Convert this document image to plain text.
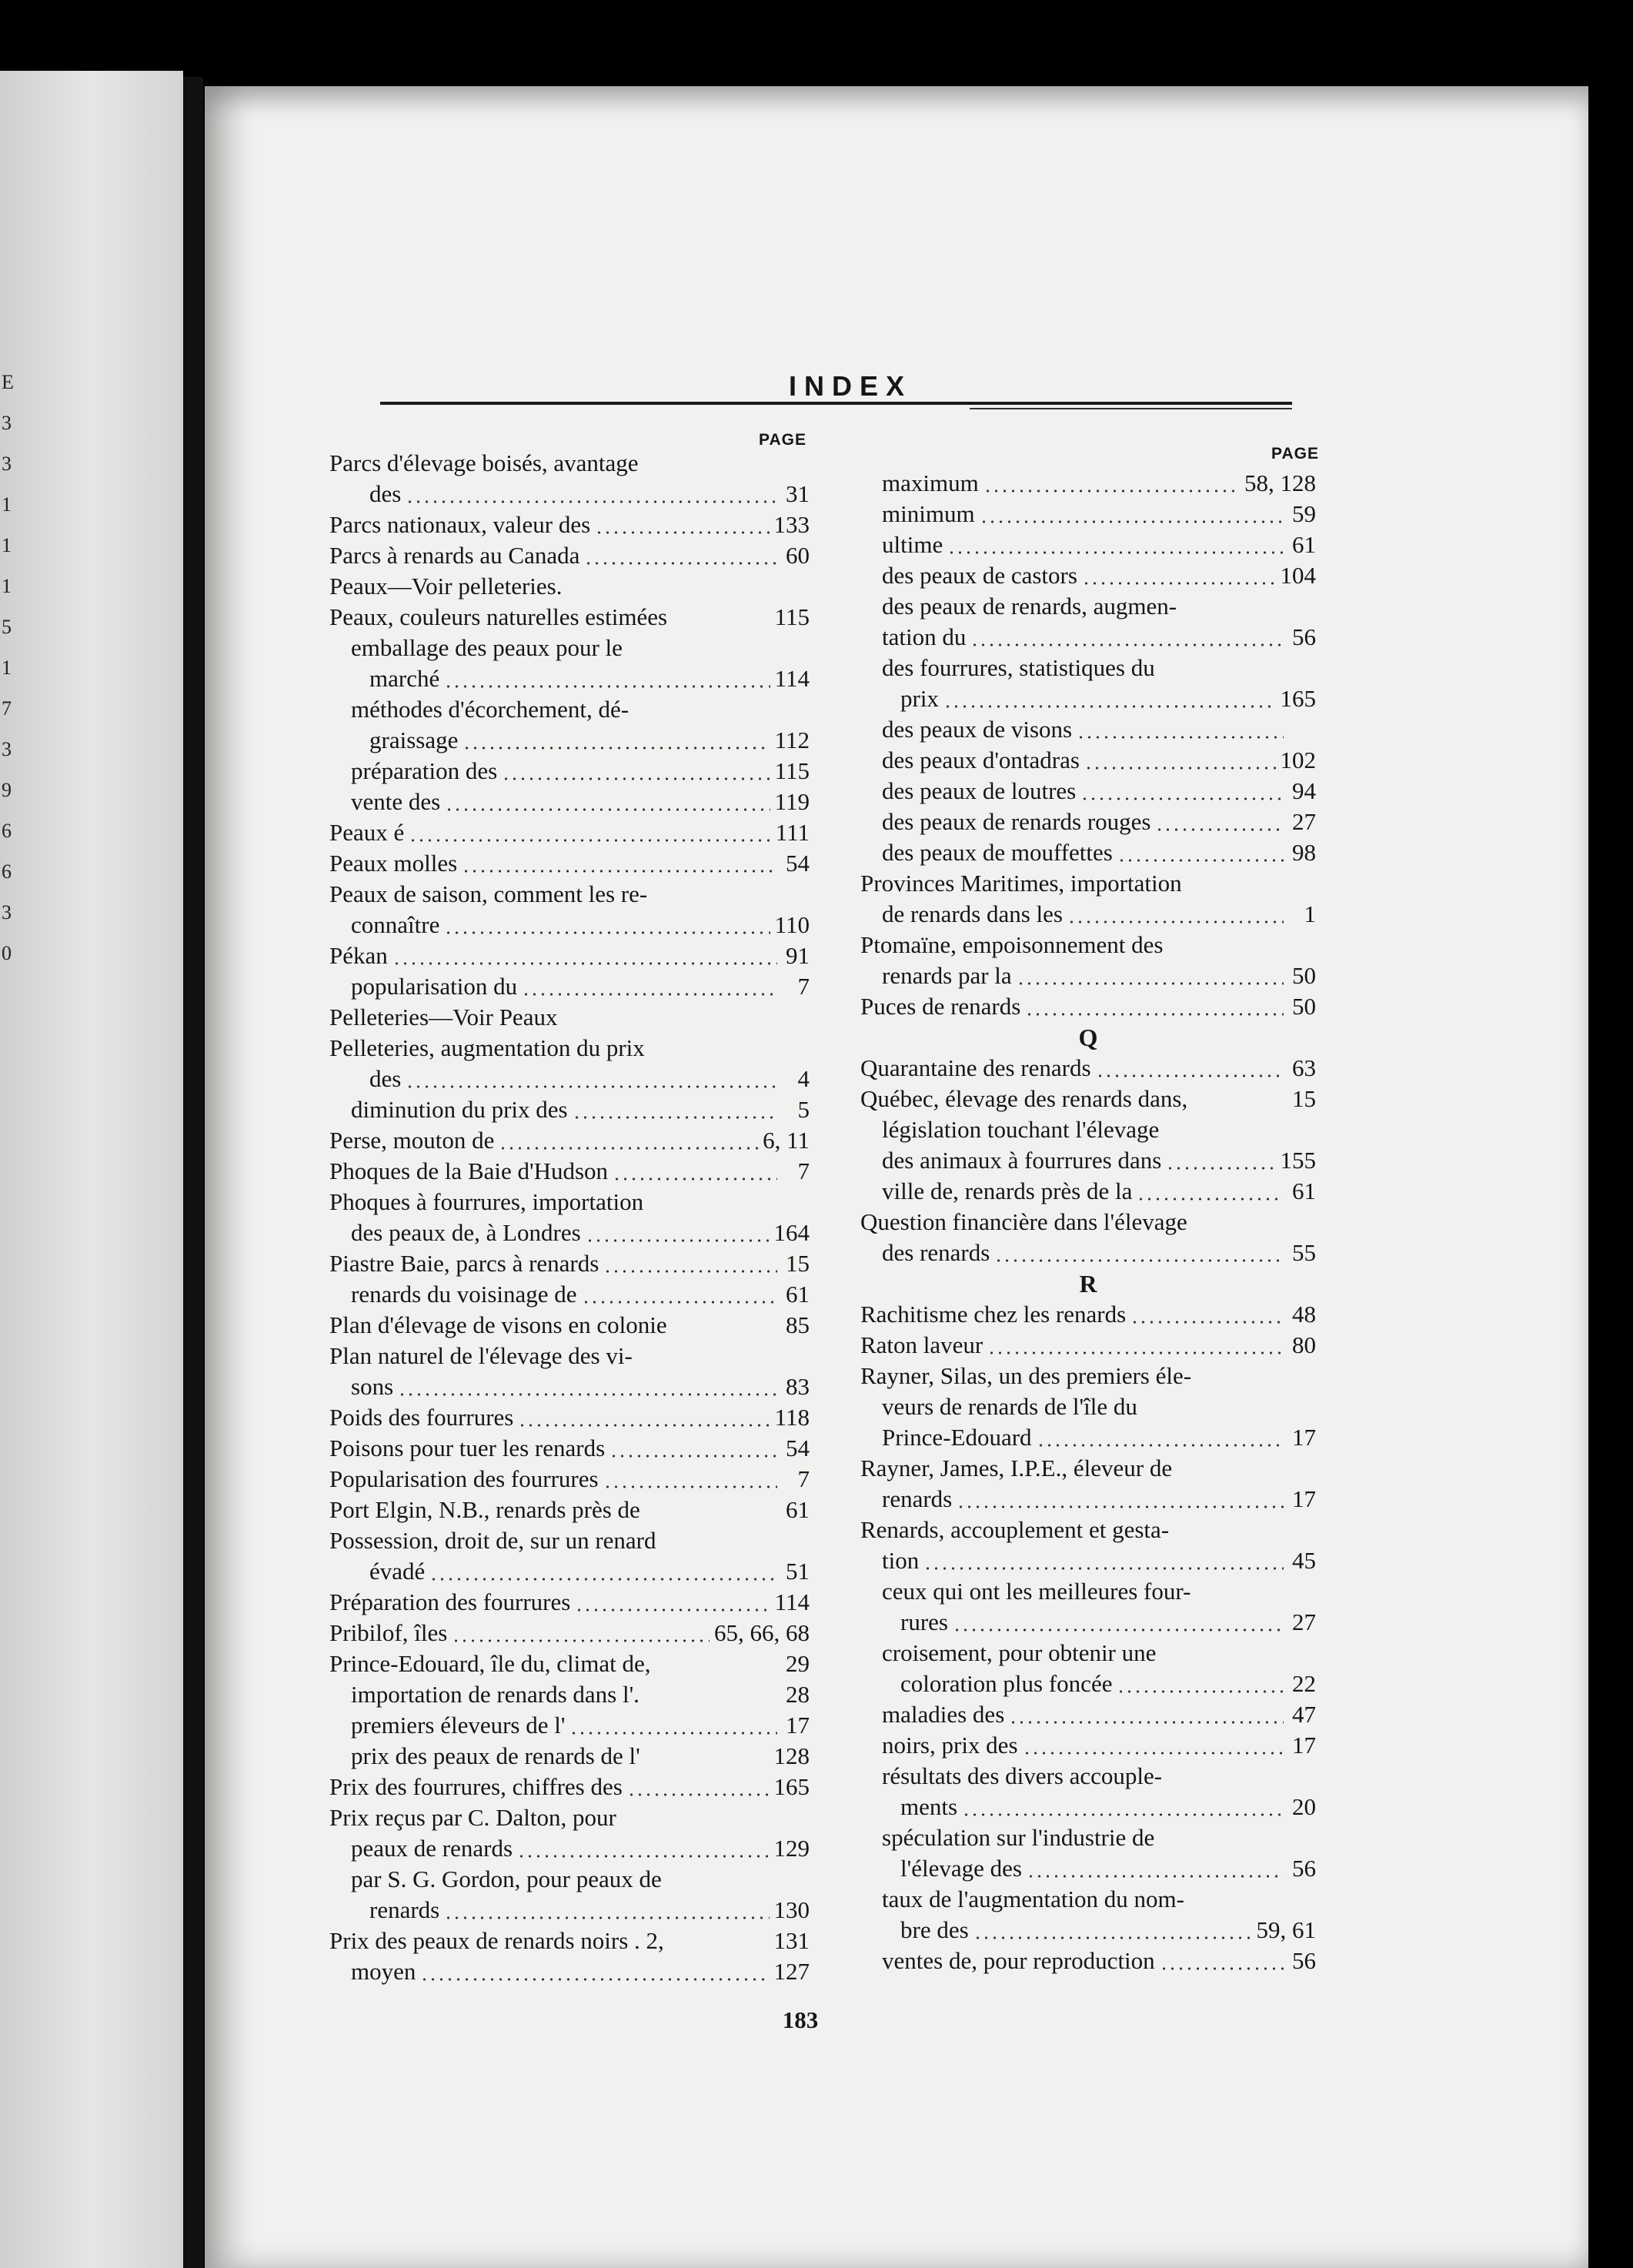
E
3
3
1
1
1
5
1
7
3
9
6
6
3
0
INDEX
PAGE
PAGE
Parcs d'élevage boisés, avantage
des	31
Parcs nationaux, valeur des	133
Parcs à renards au Canada	60
Peaux—Voir pelleteries.
Peaux, couleurs naturelles estimées	115
emballage des peaux pour le
marché	114
méthodes d'écorchement, dé-
graissage	112
préparation des	115
vente des	119
Peaux é	111
Peaux molles	54
Peaux de saison, comment les re-
connaître	110
Pékan	91
popularisation du	7
Pelleteries—Voir Peaux
Pelleteries, augmentation du prix
des	4
diminution du prix des	5
Perse, mouton de	6, 11
Phoques de la Baie d'Hudson	7
Phoques à fourrures, importation
des peaux de, à Londres	164
Piastre Baie, parcs à renards	15
renards du voisinage de	61
Plan d'élevage de visons en colonie	85
Plan naturel de l'élevage des vi-
sons	83
Poids des fourrures	118
Poisons pour tuer les renards	54
Popularisation des fourrures	7
Port Elgin, N.B., renards près de	61
Possession, droit de, sur un renard
évadé	51
Préparation des fourrures	114
Pribilof, îles	65, 66, 68
Prince-Edouard, île du, climat de,	29
importation de renards dans l'.	28
premiers éleveurs de l'	17
prix des peaux de renards de l'	128
Prix des fourrures, chiffres des	165
Prix reçus par C. Dalton, pour
peaux de renards	129
par S. G. Gordon, pour peaux de
renards	130
Prix des peaux de renards noirs . 2,	131
moyen	127
maximum	58, 128
minimum	59
ultime	61
des peaux de castors	104
des peaux de renards, augmen-
tation du	56
des fourrures, statistiques du
prix	165
des peaux de visons
des peaux d'ontadras	102
des peaux de loutres	94
des peaux de renards rouges	27
des peaux de mouffettes	98
Provinces Maritimes, importation
de renards dans les	1
Ptomaïne, empoisonnement des
renards par la	50
Puces de renards	50
Q
Quarantaine des renards	63
Québec, élevage des renards dans,	15
législation touchant l'élevage
des animaux à fourrures dans	155
ville de, renards près de la	61
Question financière dans l'élevage
des renards	55
R
Rachitisme chez les renards	48
Raton laveur	80
Rayner, Silas, un des premiers éle-
veurs de renards de l'île du
Prince-Edouard	17
Rayner, James, I.P.E., éleveur de
renards	17
Renards, accouplement et gesta-
tion	45
ceux qui ont les meilleures four-
rures	27
croisement, pour obtenir une
coloration plus foncée	22
maladies des	47
noirs, prix des	17
résultats des divers accouple-
ments	20
spéculation sur l'industrie de
l'élevage des	56
taux de l'augmentation du nom-
bre des	59, 61
ventes de, pour reproduction	56
183
